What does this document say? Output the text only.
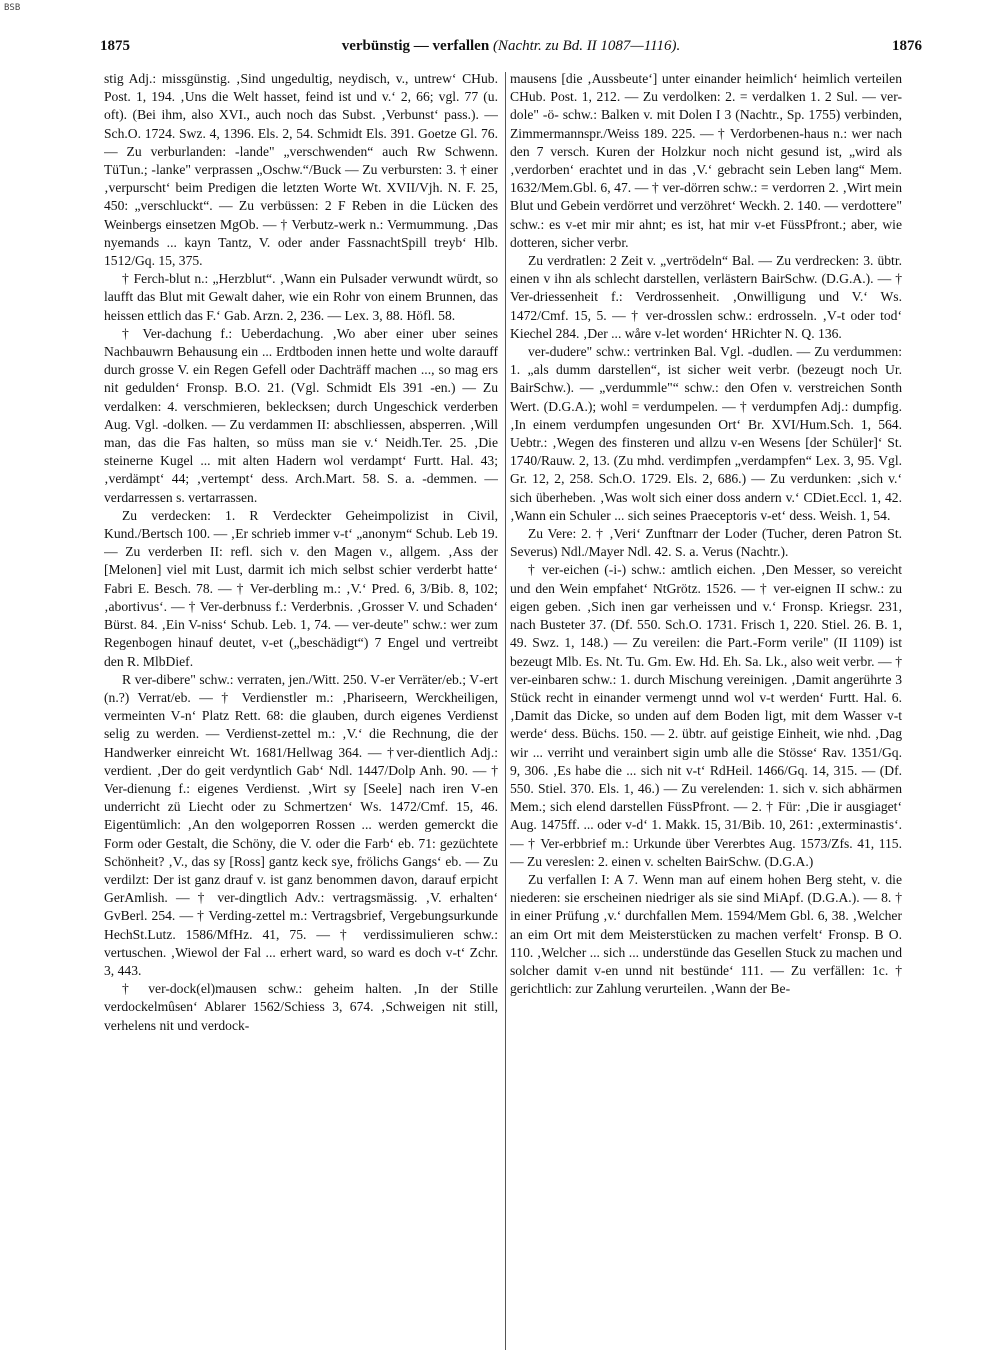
BSB
1875	verbünstig — verfallen (Nachtr. zu Bd. II 1087—1116).	1876

stig Adj.: missgünstig. ‚Sind ungedultig, neydisch, v., untrew‘ CHub. Post. 1, 194. ‚Uns die Welt hasset, feind ist und v.‘ 2, 66; vgl. 77 (u. oft). (Bei ihm, also XVI., auch noch das Subst. ‚Verbunst‘ pass.). — Sch.O. 1724. Swz. 4, 1396. Els. 2, 54. Schmidt Els. 391. Goetze Gl. 76. — Zu verburlanden: ‑lande" „verschwenden“ auch Rw Schwenn. TüTun.; ‑lanke" verprassen „Oschw.“/Buck — Zu verbursten: 3. † einer ‚verpurscht‘ beim Predigen die letzten Worte Wt. XVII/Vjh. N. F. 25, 450: „verschluckt“. — Zu verbüssen: 2 F Reben in die Lücken des Weinbergs einsetzen MgOb. — † Verbutz-werk n.: Vermummung. ‚Das nyemands ... kayn Tantz, V. oder ander FassnachtSpill treyb‘ Hlb. 1512/Gq. 15, 375.

† Ferch-blut n.: „Herzblut“. ‚Wann ein Pulsader verwundt würdt, so laufft das Blut mit Gewalt daher, wie ein Rohr von einem Brunnen, das heissen ettlich das F.‘ Gab. Arzn. 2, 236. — Lex. 3, 88. Höfl. 58.

† Ver-dachung f.: Ueberdachung. ‚Wo aber einer uber seines Nachbauwrn Behausung ein ... Erdtboden innen hette und wolte darauff durch grosse V. ein Regen Gefell oder Dachträff machen ..., so mag ers nit gedulden‘ Fronsp. B.O. 21. (Vgl. Schmidt Els 391 ‑en.) — Zu verdalken: 4. verschmieren, beklecksen; durch Ungeschick verderben Aug. Vgl. ‑dolken. — Zu verdammen II: abschliessen, absperren. ‚Will man, das die Fas halten, so müss man sie v.‘ Neidh.Ter. 25. ‚Die steinerne Kugel ... mit alten Hadern wol verdampt‘ Furtt. Hal. 43; ‚verdämpt‘ 44; ‚vertempt‘ dess. Arch.Mart. 58. S. a. ‑demmen. — verdarressen s. vertarrassen.

Zu verdecken: 1. R Verdeckter Geheimpolizist in Civil, Kund./Bertsch 100. — ‚Er schrieb immer v‑t‘ „anonym“ Schub. Leb 19. — Zu verderben II: refl. sich v. den Magen v., allgem. ‚Ass der [Melonen] viel mit Lust, darmit ich mich selbst schier verderbt hatte‘ Fabri E. Besch. 78. — † Ver-derbling m.: ‚V.‘ Pred. 6, 3/Bib. 8, 102; ‚abortivus‘. — † Ver-derbnuss f.: Verderbnis. ‚Grosser V. und Schaden‘ Bürst. 84. ‚Ein V-niss‘ Schub. Leb. 1, 74. — ver-deute" schw.: wer zum Regenbogen hinauf deutet, v‑et („beschädigt“) 7 Engel und vertreibt den R. MlbDief.

R ver-dibere" schw.: verraten, jen./Witt. 250. V‑er Verräter/eb.; V‑ert (n.?) Verrat/eb. — † Verdienstler m.: ‚Phariseern, Werckheiligen, vermeinten V‑n‘ Platz Rett. 68: die glauben, durch eigenes Verdienst selig zu werden. — Verdienst-zettel m.: ‚V.‘ die Rechnung, die der Handwerker einreicht Wt. 1681/Hellwag 364. — †ver-dientlich Adj.: verdient. ‚Der do geit verdyntlich Gab‘ Ndl. 1447/Dolp Anh. 90. — † Ver-dienung f.: eigenes Verdienst. ‚Wirt sy [Seele] nach iren V‑en underricht zü Liecht oder zu Schmertzen‘ Ws. 1472/Cmf. 15, 46. Eigentümlich: ‚An den wolgeporren Rossen ... werden gemerckt die Form oder Gestalt, die Schöny, die V. oder die Farb‘ eb. 71: gezüchtete Schönheit? ‚V., das sy [Ross] gantz keck sye, frölichs Gangs‘ eb. — Zu verdilzt: Der ist ganz drauf v. ist ganz benommen davon, darauf erpicht GerAmlish. — † ver-dingtlich Adv.: vertragsmässig. ‚V. erhalten‘ GvBerl. 254. — † Verding-zettel m.: Vertragsbrief, Vergebungsurkunde HechSt.Lutz. 1586/MfHz. 41, 75. — † verdissimulieren schw.: vertuschen. ‚Wiewol der Fal ... erhert ward, so ward es doch v‑t‘ Zchr. 3, 443.

† ver-dock(el)mausen schw.: geheim halten. ‚In der Stille verdockelmûsen‘ Ablarer 1562/Schiess 3, 674. ‚Schweigen nit still, verhelens nit und verdock-

mausens [die ‚Aussbeute‘] unter einander heimlich‘ heimlich verteilen CHub. Post. 1, 212. — Zu verdolken: 2. = verdalken 1. 2 Sul. — ver-dole" ‑ö‑ schw.: Balken v. mit Dolen I 3 (Nachtr., Sp. 1755) verbinden, Zimmermannspr./Weiss 189. 225. — † Verdorbenen-haus n.: wer nach den 7 versch. Kuren der Holzkur noch nicht gesund ist, „wird als ‚verdorben‘ erachtet und in das ‚V.‘ gebracht sein Leben lang“ Mem. 1632/Mem.Gbl. 6, 47. — † ver-dörren schw.: = verdorren 2. ‚Wirt mein Blut und Gebein verdörret und verzöhret‘ Weckh. 2. 140. — verdottere" schw.: es v‑et mir mir ahnt; es ist, hat mir v‑et FüssPfront.; aber, wie dotteren, sicher verbr.

Zu verdratlen: 2 Zeit v. „vertrödeln“ Bal. — Zu verdrecken: 3. übtr. einen v ihn als schlecht darstellen, verlästern BairSchw. (D.G.A.). — † Ver-driessenheit f.: Verdrossenheit. ‚Onwilligung und V.‘ Ws. 1472/Cmf. 15, 5. — † ver-drosslen schw.: erdrosseln. ‚V‑t oder tod‘ Kiechel 284. ‚Der ... wåre v‑let worden‘ HRichter N. Q. 136.

ver-dudere" schw.: vertrinken Bal. Vgl. ‑dudlen. — Zu verdummen: 1. „als dumm darstellen“, ist sicher weit verbr. (bezeugt noch Ur. BairSchw.). — „verdummle"“ schw.: den Ofen v. verstreichen Sonth Wert. (D.G.A.); wohl = verdumpelen. — † verdumpfen Adj.: dumpfig. ‚In einem verdumpfen ungesunden Ort‘ Br. XVI/Hum.Sch. 1, 564. Uebtr.: ‚Wegen des finsteren und allzu v‑en Wesens [der Schüler]‘ St. 1740/Rauw. 2, 13. (Zu mhd. verdimpfen „verdampfen“ Lex. 3, 95. Vgl. Gr. 12, 2, 258. Sch.O. 1729. Els. 2, 686.) — Zu verdunken: ‚sich v.‘ sich überheben. ‚Was wolt sich einer doss andern v.‘ CDiet.Eccl. 1, 42. ‚Wann ein Schuler ... sich seines Praeceptoris v‑et‘ dess. Weish. 1, 54.

Zu Vere: 2. † ‚Veri‘ Zunftnarr der Loder (Tucher, deren Patron St. Severus) Ndl./Mayer Ndl. 42. S. a. Verus (Nachtr.).

† ver-eichen (‑i‑) schw.: amtlich eichen. ‚Den Messer, so vereicht und den Wein empfahet‘ NtGrötz. 1526. — † ver-eignen II schw.: zu eigen geben. ‚Sich inen gar verheissen und v.‘ Fronsp. Kriegsr. 231, nach Busteter 37. (Df. 550. Sch.O. 1731. Frisch 1, 220. Stiel. 26. B. 1, 49. Swz. 1, 148.) — Zu vereilen: die Part.-Form verile" (II 1109) ist bezeugt Mlb. Es. Nt. Tu. Gm. Ew. Hd. Eh. Sa. Lk., also weit verbr. — † ver-einbaren schw.: 1. durch Mischung vereinigen. ‚Damit angerührte 3 Stück recht in einander vermengt unnd wol v‑t werden‘ Furtt. Hal. 6. ‚Damit das Dicke, so unden auf dem Boden ligt, mit dem Wasser v‑t werde‘ dess. Büchs. 150. — 2. übtr. auf geistige Einheit, wie nhd. ‚Dag wir ... verriht und verainbert sigin umb alle die Stösse‘ Rav. 1351/Gq. 9, 306. ‚Es habe die ... sich nit v‑t‘ RdHeil. 1466/Gq. 14, 315. — (Df. 550. Stiel. 370. Els. 1, 46.) — Zu verelenden: 1. sich v. sich abhärmen Mem.; sich elend darstellen FüssPfront. — 2. † Für: ‚Die ir ausgiaget‘ Aug. 1475ff. ... oder v‑d‘ 1. Makk. 15, 31/Bib. 10, 261: ‚exterminastis‘. — † Ver-erbbrief m.: Urkunde über Vererbtes Aug. 1573/Zfs. 41, 115. — Zu vereslen: 2. einen v. schelten BairSchw. (D.G.A.)

Zu verfallen I: A 7. Wenn man auf einem hohen Berg steht, v. die niederen: sie erscheinen niedriger als sie sind MiApf. (D.G.A.). — 8. † in einer Prüfung ‚v.‘ durchfallen Mem. 1594/Mem Gbl. 6, 38. ‚Welcher an eim Ort mit dem Meisterstücken zu machen verfelt‘ Fronsp. B O. 110. ‚Welcher ... sich ... understünde das Gesellen Stuck zu machen und solcher damit v‑en unnd nit bestünde‘ 111. — Zu verfällen: 1c. † gerichtlich: zur Zahlung verurteilen. ‚Wann der Be-
